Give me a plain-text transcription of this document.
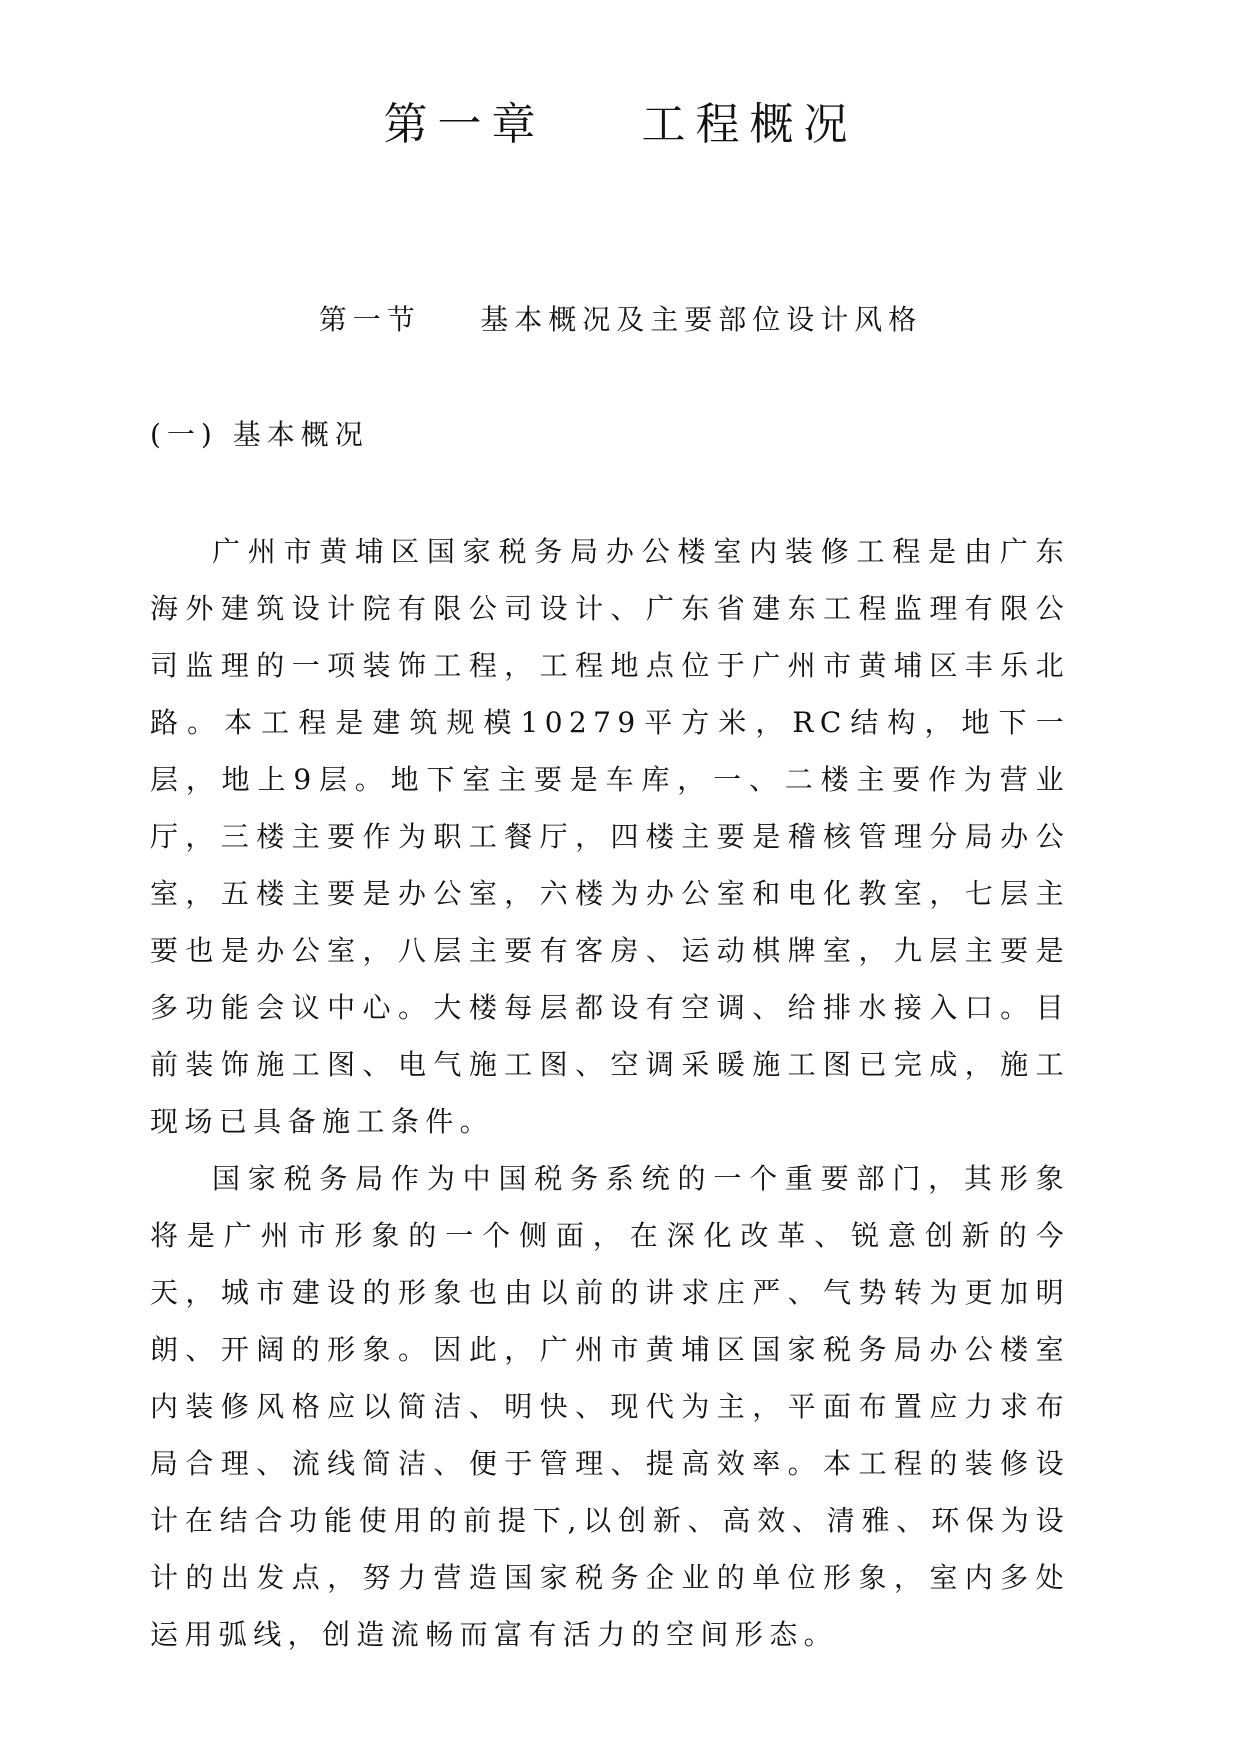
第一章    工程概况
第一节    基本概况及主要部位设计风格
(一) 基本概况

广州市黄埔区国家税务局办公楼室内装修工程是由广东海外建筑设计院有限公司设计、广东省建东工程监理有限公司监理的一项装饰工程，工程地点位于广州市黄埔区丰乐北路。本工程是建筑规模10279平方米，RC结构，地下一层，地上9层。地下室主要是车库，一、二楼主要作为营业厅，三楼主要作为职工餐厅，四楼主要是稽核管理分局办公室，五楼主要是办公室，六楼为办公室和电化教室，七层主要也是办公室，八层主要有客房、运动棋牌室，九层主要是多功能会议中心。大楼每层都设有空调、给排水接入口。目前装饰施工图、电气施工图、空调采暖施工图已完成，施工现场已具备施工条件。

国家税务局作为中国税务系统的一个重要部门，其形象将是广州市形象的一个侧面，在深化改革、锐意创新的今天，城市建设的形象也由以前的讲求庄严、气势转为更加明朗、开阔的形象。因此，广州市黄埔区国家税务局办公楼室内装修风格应以简洁、明快、现代为主，平面布置应力求布局合理、流线简洁、便于管理、提高效率。本工程的装修设计在结合功能使用的前提下,以创新、高效、清雅、环保为设计的出发点，努力营造国家税务企业的单位形象，室内多处运用弧线，创造流畅而富有活力的空间形态。
